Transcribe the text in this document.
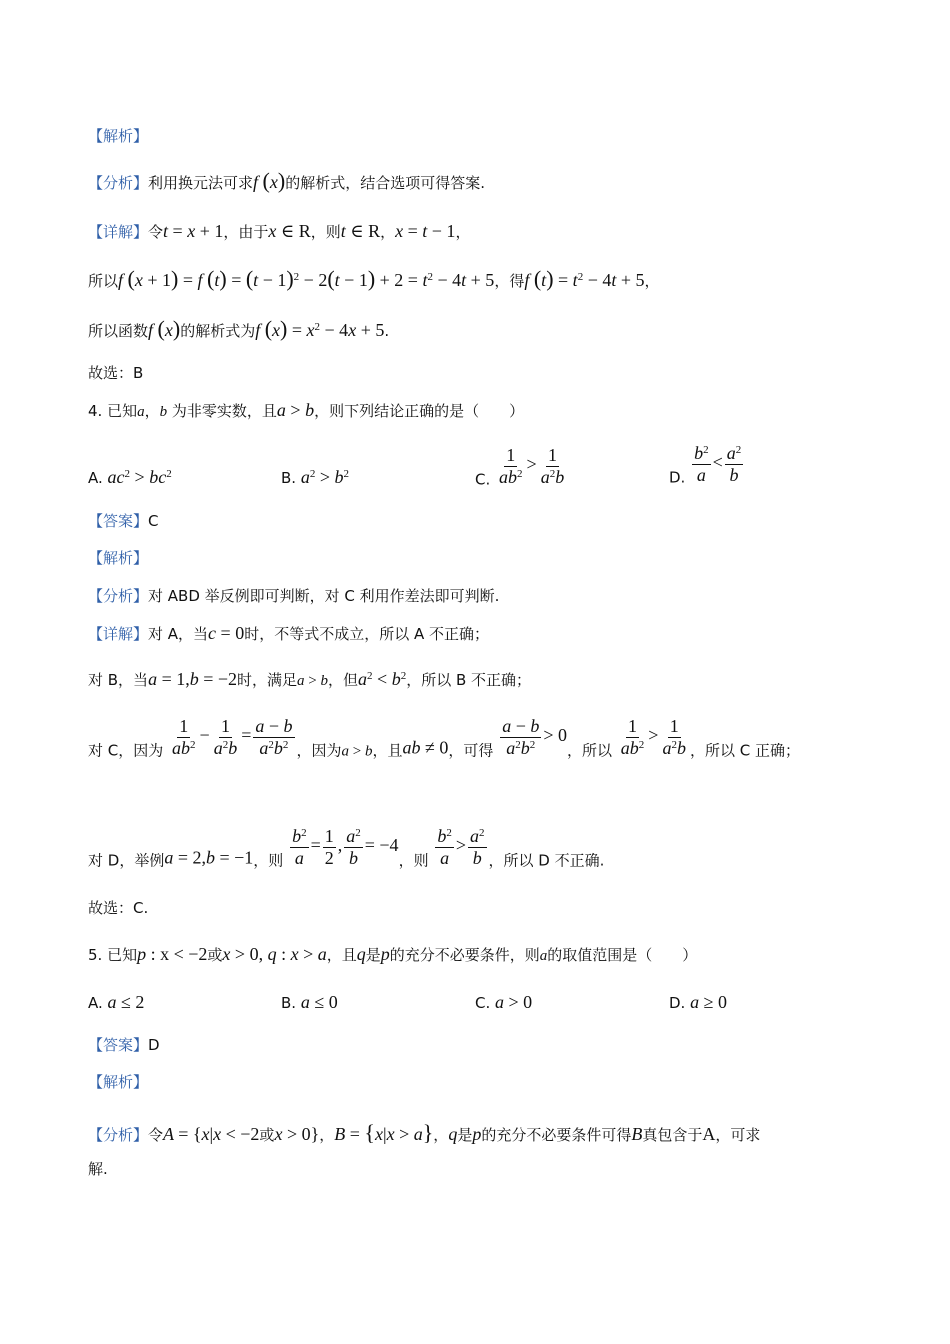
【解析】
【分析】利用换元法可求f (x)的解析式，结合选项可得答案.
【详解】令t = x + 1，由于x ∈ R，则t ∈ R，x = t − 1，
所以f (x + 1) = f $(t) = (t - 1)^2 - 2(t - 1) + 2 = t^2 - 4t + 5$，得f $(t) = t^2 - 4t + 5$，
所以函数f (x)的解析式为f $(x) = x^2 - 4x + 5$.
故选：B
4. 已知a，b 为非零实数，且a > b，则下列结论正确的是（　　）
A. $ac^2 > bc^2$	B. $a^2 > b^2$	C. $\frac{1}{ab^2} > \frac{1}{a^2b}$	D. $\frac{b^2}{a} < \frac{a^2}{b}$
【答案】C
【解析】
【分析】对 ABD 举反例即可判断，对 C 利用作差法即可判断.
【详解】对 A，当c = 0时，不等式不成立，所以 A 不正确；
对 B，当a = 1,b = −2时，满足a > b，但$a^2 < b^2$，所以 B 不正确；
对 C，因为 $\frac{1}{ab^2} - \frac{1}{a^2b} = \frac{a - b}{a^2b^2}$ ，因为a > b，且ab ≠ 0，可得 $\frac{a - b}{a^2b^2} > 0$，所以 $\frac{1}{ab^2} > \frac{1}{a^2b}$ ，所以 C 正确；
对 D，举例a = 2,b = −1，则 $\frac{b^2}{a} = \frac{1}{2}$ , $\frac{a^2}{b} = -4$，则 $\frac{b^2}{a} > \frac{a^2}{b}$ ，所以 D 不正确.
故选：C.
5. 已知p : x < −2或x > 0, q : x > a，且q是p的充分不必要条件，则a的取值范围是（　　）
A. a ≤ 2	B. a ≤ 0	C. a > 0	D. a ≥ 0
【答案】D
【解析】
【分析】令A = {x|x < −2或x > 0}，B = {x|x > a}，q是p的充分不必要条件可得B真包含于A，可求
解.
